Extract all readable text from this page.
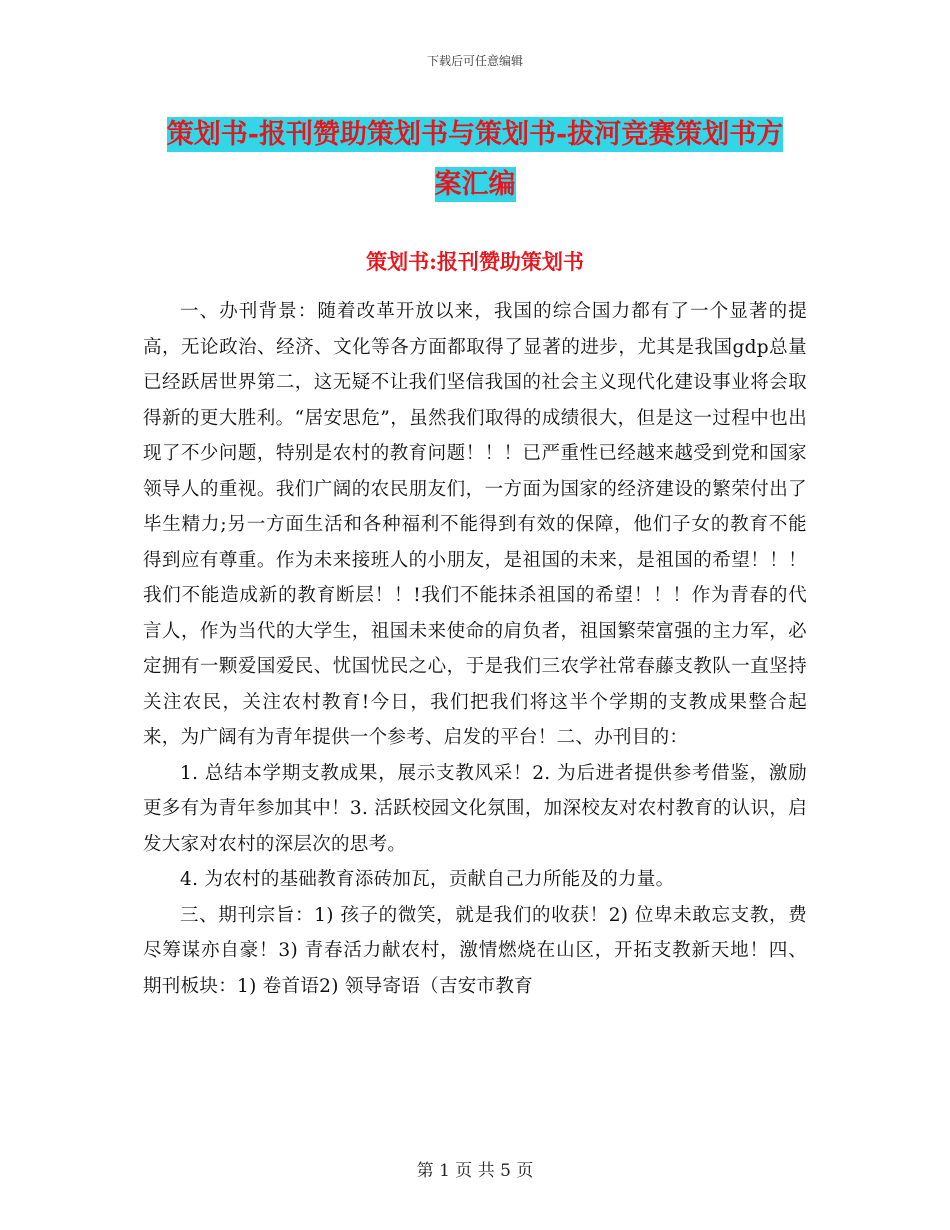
下载后可任意编辑
策划书-报刊赞助策划书与策划书-拔河竞赛策划书方
案汇编
策划书:报刊赞助策划书

一、办刊背景：随着改革开放以来，我国的综合国力都有了一个显著的提高，无论政治、经济、文化等各方面都取得了显著的进步，尤其是我国gdp总量已经跃居世界第二，这无疑不让我们坚信我国的社会主义现代化建设事业将会取得新的更大胜利。“居安思危”，虽然我们取得的成绩很大，但是这一过程中也出现了不少问题，特别是农村的教育问题！！！已严重性已经越来越受到党和国家领导人的重视。我们广阔的农民朋友们，一方面为国家的经济建设的繁荣付出了毕生精力;另一方面生活和各种福利不能得到有效的保障，他们子女的教育不能得到应有尊重。作为未来接班人的小朋友，是祖国的未来，是祖国的希望！！！我们不能造成新的教育断层！！!我们不能抹杀祖国的希望！！！作为青春的代言人，作为当代的大学生，祖国未来使命的肩负者，祖国繁荣富强的主力军，必定拥有一颗爱国爱民、忧国忧民之心，于是我们三农学社常春藤支教队一直坚持关注农民，关注农村教育!今日，我们把我们将这半个学期的支教成果整合起来，为广阔有为青年提供一个参考、启发的平台！二、办刊目的：

1. 总结本学期支教成果，展示支教风采！2. 为后进者提供参考借鉴，激励更多有为青年参加其中！3. 活跃校园文化氛围，加深校友对农村教育的认识，启发大家对农村的深层次的思考。

4. 为农村的基础教育添砖加瓦，贡献自己力所能及的力量。

三、期刊宗旨：1) 孩子的微笑，就是我们的收获！2) 位卑未敢忘支教，费尽筹谋亦自豪！3) 青春活力献农村，激情燃烧在山区，开拓支教新天地！四、 期刊板块：1) 卷首语2) 领导寄语（吉安市教育

第 1 页 共 5 页
